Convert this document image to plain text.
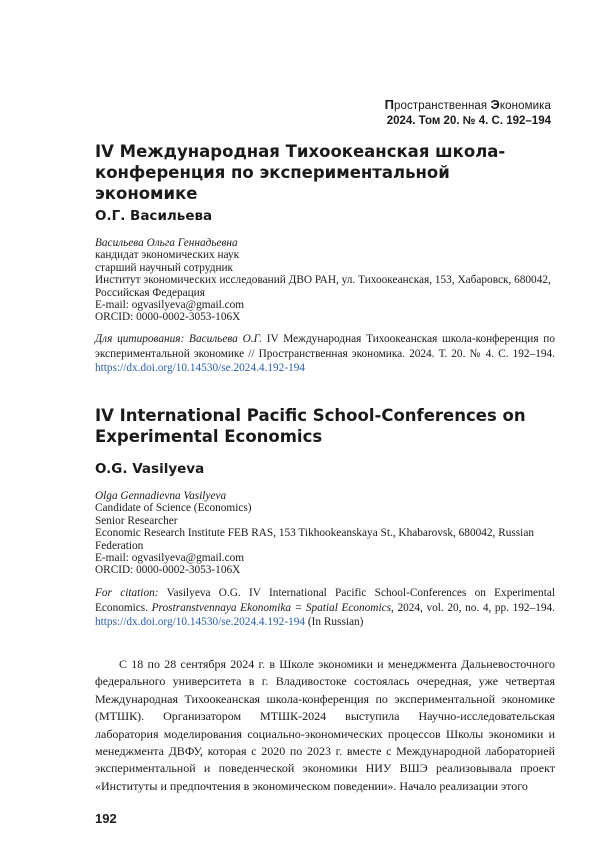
Пространственная Экономика
2024. Том 20. № 4. С. 192–194
IV Международная Тихоокеанская школа-конференция по экспериментальной экономике
О.Г. Васильева
Васильева Ольга Геннадьевна
кандидат экономических наук
старший научный сотрудник
Институт экономических исследований ДВО РАН, ул. Тихоокеанская, 153, Хабаровск, 680042, Российская Федерация
E-mail: ogvasilyeva@gmail.com
ORCID: 0000-0002-3053-106X

Для цитирования: Васильева О.Г. IV Международная Тихоокеанская школа-конференция по экспериментальной экономике // Пространственная экономика. 2024. Т. 20. № 4. С. 192–194. https://dx.doi.org/10.14530/se.2024.4.192-194

IV International Pacific School-Conferences on Experimental Economics
O.G. Vasilyeva
Olga Gennadievna Vasilyeva
Candidate of Science (Economics)
Senior Researcher
Economic Research Institute FEB RAS, 153 Tikhookeanskaya St., Khabarovsk, 680042, Russian Federation
E-mail: ogvasilyeva@gmail.com
ORCID: 0000-0002-3053-106X

For citation: Vasilyeva O.G. IV International Pacific School-Conferences on Experimental Economics. Prostranstvennaya Ekonomika = Spatial Economics, 2024, vol. 20, no. 4, pp. 192–194. https://dx.doi.org/10.14530/se.2024.4.192-194 (In Russian)

С 18 по 28 сентября 2024 г. в Школе экономики и менеджмента Дальневосточного федерального университета в г. Владивостоке состоялась очередная, уже четвертая Международная Тихоокеанская школа-конференция по экспериментальной экономике (МТШК). Организатором МТШК-2024 выступила Научно-исследовательская лаборатория моделирования социально-экономических процессов Школы экономики и менеджмента ДВФУ, которая с 2020 по 2023 г. вместе с Международной лабораторией экспериментальной и поведенческой экономики НИУ ВШЭ реализовывала проект «Институты и предпочтения в экономическом поведении». Начало реализации этого

192
